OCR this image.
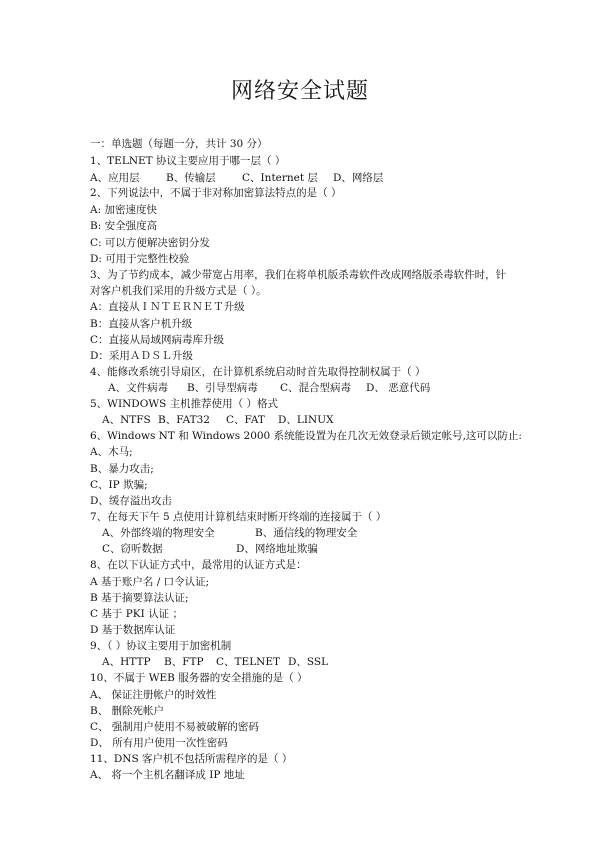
网络安全试题
一：单选题（每题一分，共计 30 分）
1、TELNET 协议主要应用于哪一层（ ）
A、应用层	B、传输层	C、Internet 层 D、网络层
2、下列说法中，不属于非对称加密算法特点的是（ ）
A: 加密速度快
B: 安全强度高
C: 可以方便解决密钥分发
D: 可用于完整性校验
3、为了节约成本，减少带宽占用率，我们在将单机版杀毒软件改成网络版杀毒软件时，针
对客户机我们采用的升级方式是（ ）。
A：直接从ＩＮＴＥＲＮＥＴ升级
B：直接从客户机升级
C：直接从局域网病毒库升级
D：采用ＡＤＳＬ升级
4、能修改系统引导扇区，在计算机系统启动时首先取得控制权属于（ ）
A、文件病毒 B、引导型病毒 C、混合型病毒 D、 恶意代码
5、WINDOWS 主机推荐使用（ ）格式
A、NTFS B、FAT32 C、FAT D、LINUX
6、Windows NT 和 Windows 2000 系统能设置为在几次无效登录后锁定帐号,这可以防止:
A、木马;
B、暴力攻击;
C、IP 欺骗;
D、缓存溢出攻击
7、在每天下午 5 点使用计算机结束时断开终端的连接属于（ ）
A、外部终端的物理安全	B、通信线的物理安全
C、窃听数据	D、网络地址欺骗
8、在以下认证方式中，最常用的认证方式是：
A 基于账户名 / 口令认证;
B 基于摘要算法认证;
C 基于 PKI 认证 ；
D 基于数据库认证
9、（ ）协议主要用于加密机制
A、HTTP B、FTP C、TELNET D、SSL
10、不属于 WEB 服务器的安全措施的是（ ）
A、 保证注册帐户的时效性
B、 删除死帐户
C、 强制用户使用不易被破解的密码
D、 所有用户使用一次性密码
11、DNS 客户机不包括所需程序的是（ ）
A、 将一个主机名翻译成 IP 地址
